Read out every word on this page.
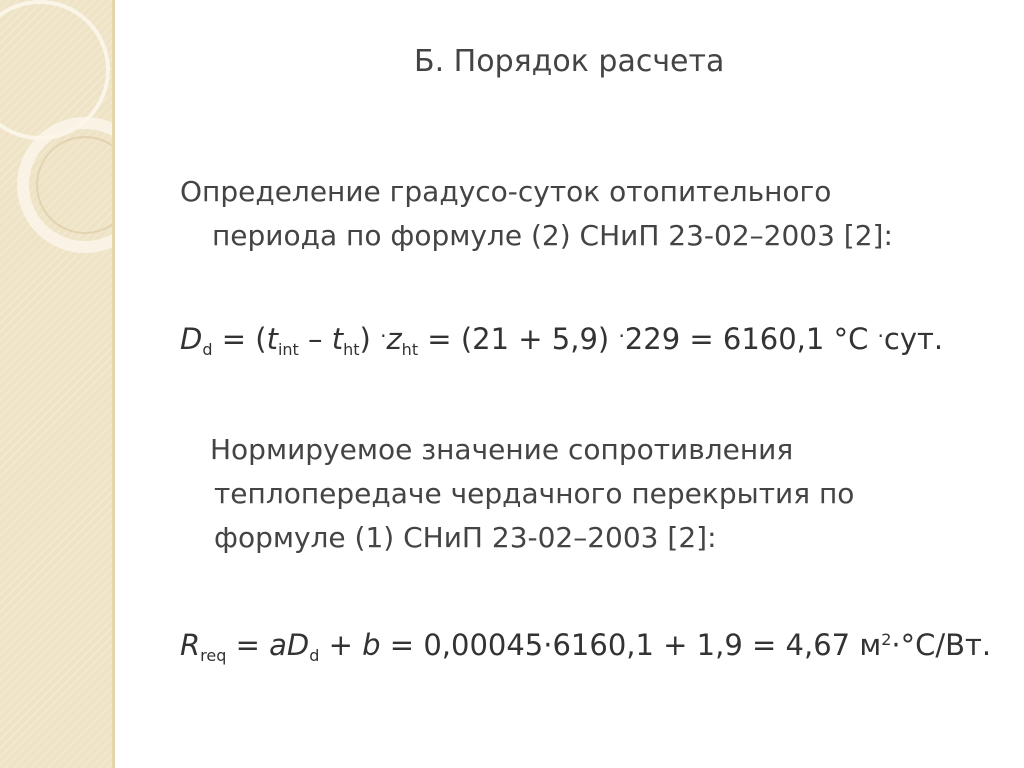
Б. Порядок расчета
Определение градусо-суток отопительного
периода по формуле (2) СНиП 23-02–2003 [2]:
$D_d = (t_{int} - t_{ht}) ^\cdot z_{ht} = (21 + 5,9) ^\cdot 229 = 6160,1$ °С ·сут.
Нормируемое значение сопротивления
теплопередаче чердачного перекрытия по
формуле (1) СНиП 23-02–2003 [2]:
$R_{req} = aD_d + b = 0,00045\cdot 6160,1 + 1,9 = 4,67$ $м^2\cdot^\circ С/Вт$.
